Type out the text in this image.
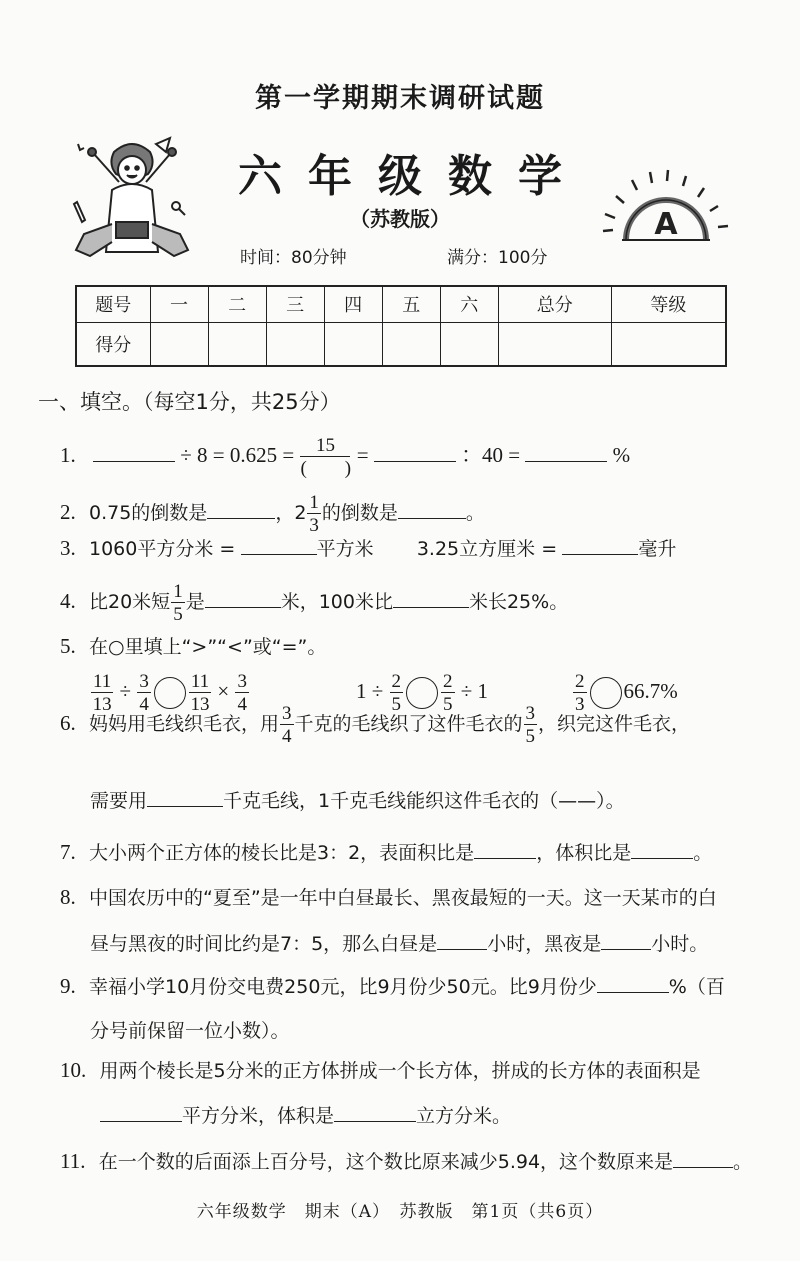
第一学期期末调研试题
六年级数学
（苏教版）
时间：80分钟	满分：100分
A
题号	一	二	三	四	五	六	总分	等级
得分								
一、填空。（每空1分，共25分）
1.	÷ $8 = 0.625 = \frac{15}{( )}$ =	：40 =	%
2. 0.75的倒数是	，$2 \frac{1}{3}$ 的倒数是	。
3. 1060平方分米 =	平方米 3.25立方厘米 =	毫升
4. 比20米短 $\frac{1}{5}$ 是	米，100米比	米长25%。
5. 在○里填上“>”“<”或“=”。
$\frac{11}{13} \div \frac{3}{4} \frac{11}{13} \times \frac{3}{4}$	$1 \div \frac{2}{5} \frac{2}{5} \div 1$	$\frac{2}{3} 66.7\%$
6. 妈妈用毛线织毛衣，用 $\frac{3}{4}$ 千克的毛线织了这件毛衣的 $\frac{3}{5}$ ，织完这件毛衣，
需要用	千克毛线，1千克毛线能织这件毛衣的（——）。
7. 大小两个正方体的棱长比是3：2，表面积比是	，体积比是	。
8. 中国农历中的“夏至”是一年中白昼最长、黑夜最短的一天。这一天某市的白
昼与黑夜的时间比约是7：5，那么白昼是	小时，黑夜是	小时。
9. 幸福小学10月份交电费250元，比9月份少50元。比9月份少	%（百
分号前保留一位小数）。
10. 用两个棱长是5分米的正方体拼成一个长方体，拼成的长方体的表面积是
平方分米，体积是	立方分米。
11. 在一个数的后面添上百分号，这个数比原来减少5.94，这个数原来是	。
六年级数学　期末（A）　苏教版　第1页（共6页）
